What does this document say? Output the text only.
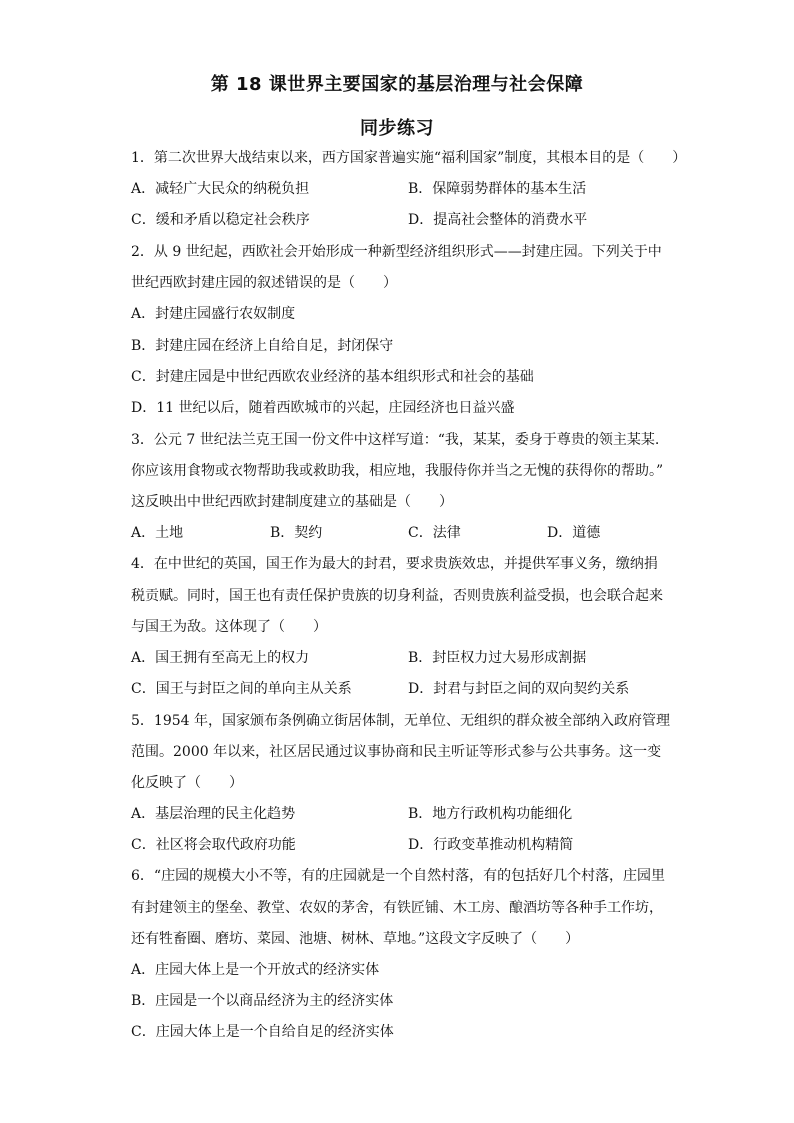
第 18 课世界主要国家的基层治理与社会保障
同步练习
1．第二次世界大战结束以来，西方国家普遍实施“福利国家”制度，其根本目的是（　　）
A．减轻广大民众的纳税负担	B．保障弱势群体的基本生活
C．缓和矛盾以稳定社会秩序	D．提高社会整体的消费水平
2．从 9 世纪起，西欧社会开始形成一种新型经济组织形式——封建庄园。下列关于中
世纪西欧封建庄园的叙述错误的是（　　）
A．封建庄园盛行农奴制度
B．封建庄园在经济上自给自足，封闭保守
C．封建庄园是中世纪西欧农业经济的基本组织形式和社会的基础
D．11 世纪以后，随着西欧城市的兴起，庄园经济也日益兴盛
3．公元 7 世纪法兰克王国一份文件中这样写道：“我，某某，委身于尊贵的领主某某.
你应该用食物或衣物帮助我或救助我，相应地，我服侍你并当之无愧的获得你的帮助。”
这反映出中世纪西欧封建制度建立的基础是（　　）
A．土地	B．契约	C．法律	D．道德
4．在中世纪的英国，国王作为最大的封君，要求贵族效忠，并提供军事义务，缴纳捐
税贡赋。同时，国王也有责任保护贵族的切身利益，否则贵族利益受损，也会联合起来
与国王为敌。这体现了（　　）
A．国王拥有至高无上的权力	B．封臣权力过大易形成割据
C．国王与封臣之间的单向主从关系	D．封君与封臣之间的双向契约关系
5．1954 年，国家颁布条例确立街居体制，无单位、无组织的群众被全部纳入政府管理
范围。2000 年以来，社区居民通过议事协商和民主听证等形式参与公共事务。这一变
化反映了（　　）
A．基层治理的民主化趋势	B．地方行政机构功能细化
C．社区将会取代政府功能	D．行政变革推动机构精简
6．“庄园的规模大小不等，有的庄园就是一个自然村落，有的包括好几个村落，庄园里
有封建领主的堡垒、教堂、农奴的茅舍，有铁匠铺、木工房、酿酒坊等各种手工作坊，
还有牲畜圈、磨坊、菜园、池塘、树林、草地。”这段文字反映了（　　）
A．庄园大体上是一个开放式的经济实体
B．庄园是一个以商品经济为主的经济实体
C．庄园大体上是一个自给自足的经济实体
